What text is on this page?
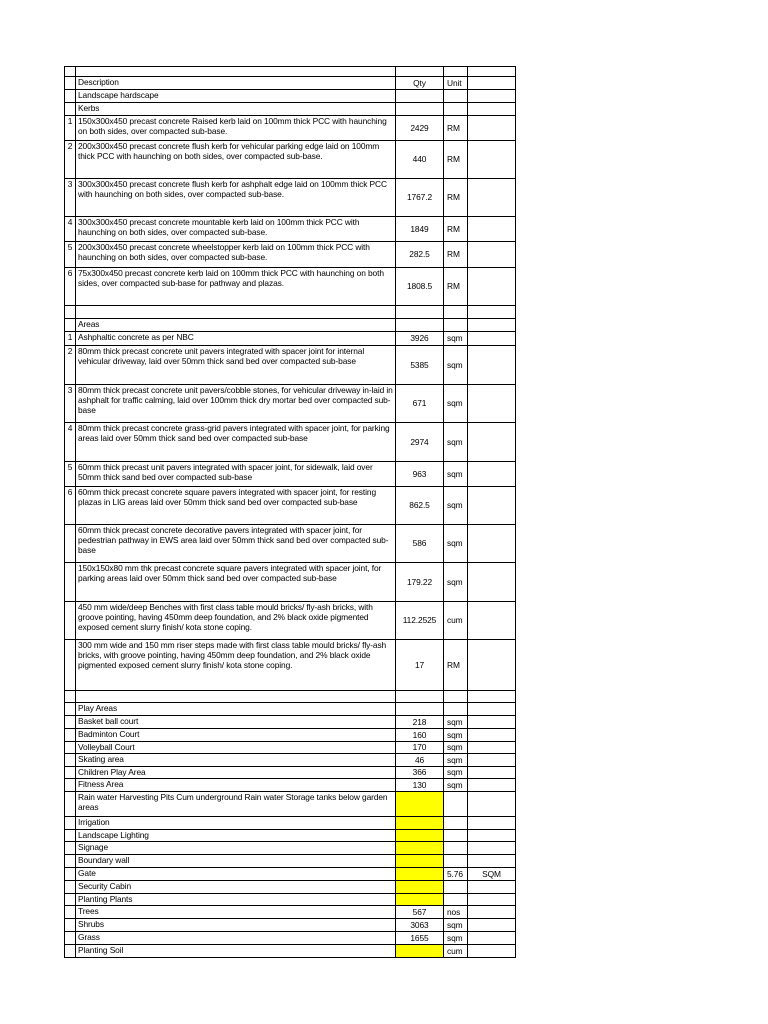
	Description	Qty	Unit	
	Landscape hardscape			
	Kerbs			
1	150x300x450 precast concrete Raised kerb laid on 100mm thick PCC with haunching on both sides, over compacted sub-base.	2429	RM	
2	200x300x450 precast concrete flush kerb for vehicular parking edge laid on 100mm thick PCC with haunching on both sides, over compacted sub-base.	440	RM	
3	300x300x450 precast concrete flush kerb for ashphalt edge laid on 100mm thick PCC with haunching on both sides, over compacted sub-base.	1767.2	RM	
4	300x300x450 precast concrete mountable kerb laid on 100mm thick PCC with haunching on both sides, over compacted sub-base.	1849	RM	
5	200x300x450 precast concrete wheelstopper kerb laid on 100mm thick PCC with haunching on both sides, over compacted sub-base.	282.5	RM	
6	75x300x450 precast concrete kerb laid on 100mm thick PCC with haunching on both sides, over compacted sub-base for pathway and plazas.	1808.5	RM	

	Areas			
1	Ashphaltic concrete as per NBC	3926	sqm	
2	80mm thick precast concrete unit pavers integrated with spacer joint for internal vehicular driveway, laid over 50mm thick sand bed over compacted sub-base	5385	sqm	
3	80mm thick precast concrete unit pavers/cobble stones, for vehicular driveway in-laid in ashphalt for traffic calming, laid over 100mm thick dry mortar bed over compacted sub-base	671	sqm	
4	80mm thick precast concrete grass-grid pavers integrated with spacer joint, for parking areas laid over 50mm thick sand bed over compacted sub-base	2974	sqm	
5	60mm thick precast unit pavers integrated with spacer joint, for sidewalk, laid over 50mm thick sand bed over compacted sub-base	963	sqm	
6	60mm thick precast concrete square pavers integrated with spacer joint, for resting plazas in LIG areas laid over 50mm thick sand bed over compacted sub-base	862.5	sqm	
	60mm thick precast concrete decorative pavers integrated with spacer joint, for pedestrian pathway in EWS area laid over 50mm thick sand bed over compacted sub-base	586	sqm	
	150x150x80 mm thk precast concrete square pavers integrated with spacer joint, for parking areas laid over 50mm thick sand bed over compacted sub-base	179.22	sqm	
	450 mm wide/deep Benches with first class table mould bricks/ fly-ash bricks, with groove pointing, having 450mm deep foundation, and 2% black oxide pigmented exposed cement slurry finish/ kota stone coping.	112.2525	cum	
	300 mm wide and 150 mm riser steps made with first class table mould bricks/ fly-ash bricks, with groove pointing, having 450mm deep foundation, and 2% black oxide pigmented exposed cement slurry finish/ kota stone coping.	17	RM	

	Play Areas			
	Basket ball court	218	sqm	
	Badminton Court	160	sqm	
	Volleyball Court	170	sqm	
	Skating area	46	sqm	
	Children Play Area	366	sqm	
	Fitness Area	130	sqm	
	Rain water Harvesting Pits Cum underground Rain water Storage tanks below garden areas			
	Irrigation			
	Landscape Lighting			
	Signage			
	Boundary wall			
	Gate		5.76	SQM
	Security Cabin			
	Planting Plants			
	Trees	567	nos	
	Shrubs	3063	sqm	
	Grass	1655	sqm	
	Planting Soil		cum	
